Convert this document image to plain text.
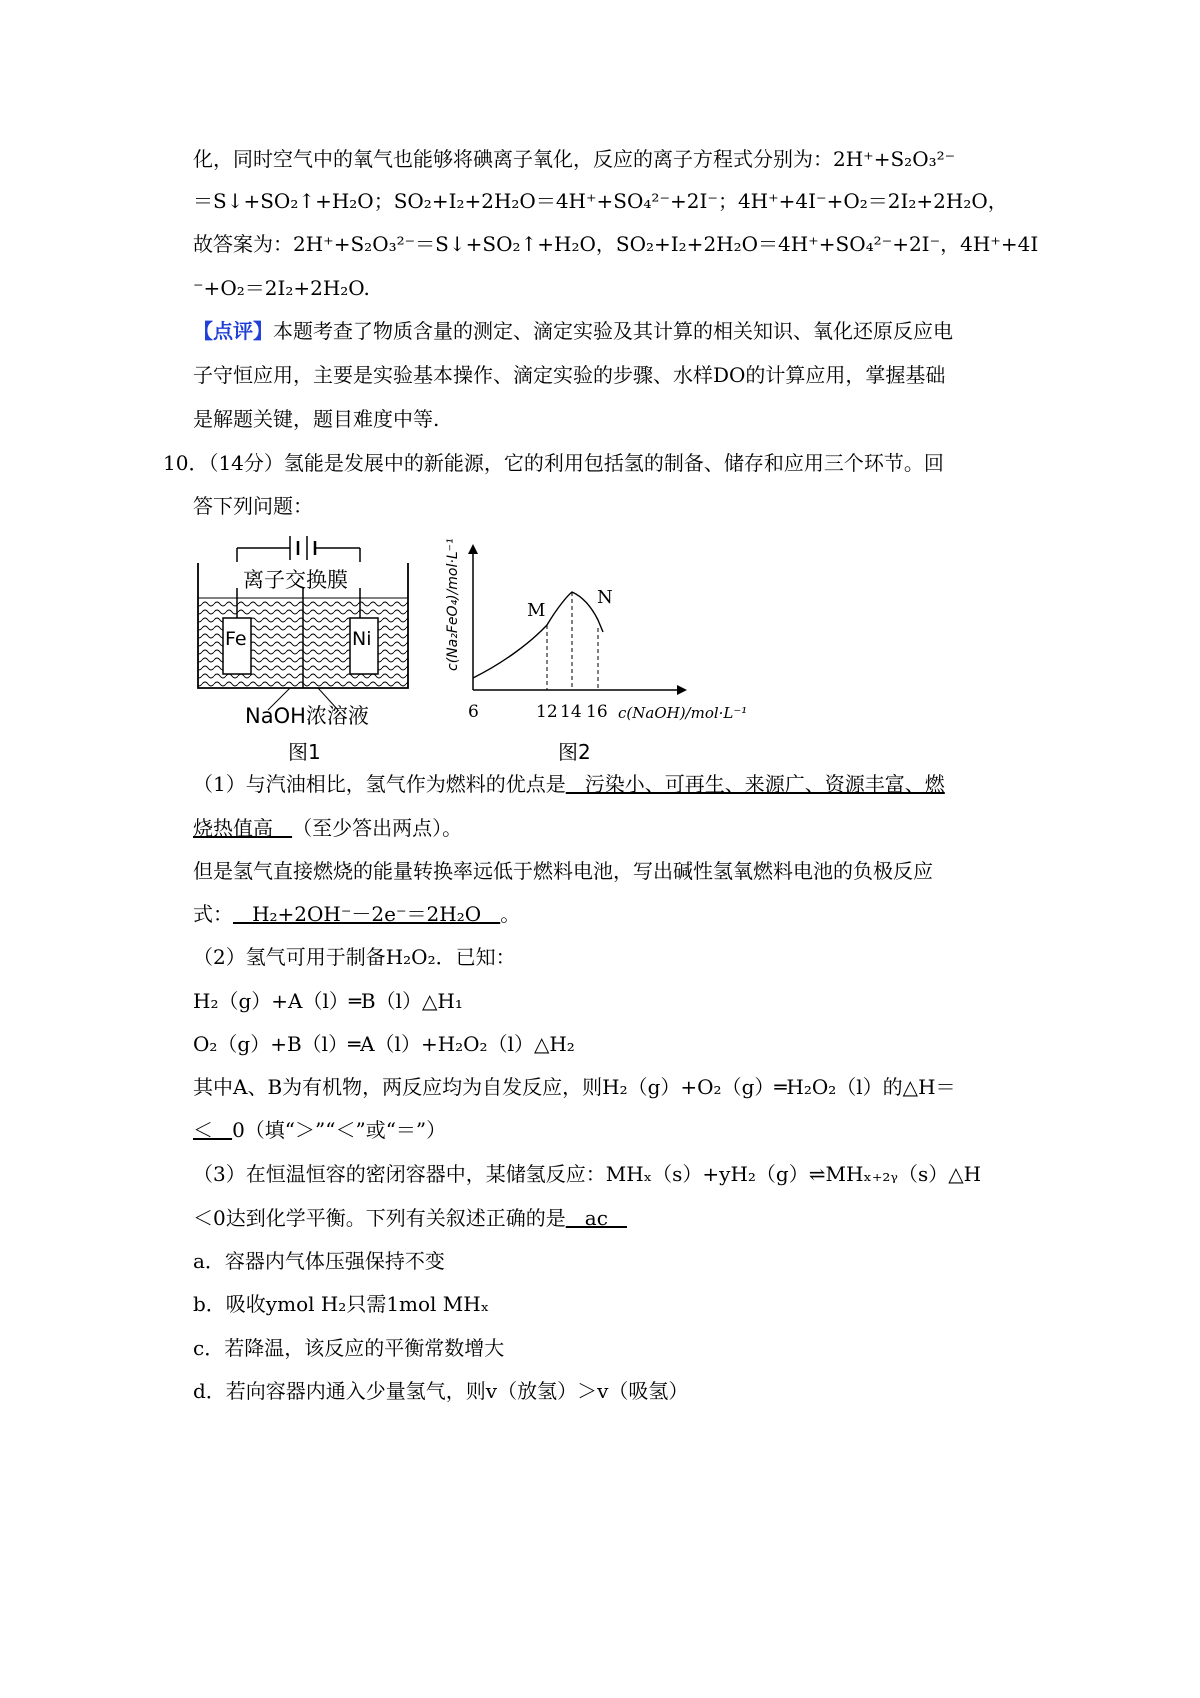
化，同时空气中的氧气也能够将碘离子氧化，反应的离子方程式分别为：2H⁺+S₂O₃²⁻
＝S↓+SO₂↑+H₂O；SO₂+I₂+2H₂O＝4H⁺+SO₄²⁻+2I⁻；4H⁺+4I⁻+O₂＝2I₂+2H₂O，
故答案为：2H⁺+S₂O₃²⁻＝S↓+SO₂↑+H₂O，SO₂+I₂+2H₂O＝4H⁺+SO₄²⁻+2I⁻，4H⁺+4I
⁻+O₂＝2I₂+2H₂O.
【点评】本题考查了物质含量的测定、滴定实验及其计算的相关知识、氧化还原反应电
子守恒应用，主要是实验基本操作、滴定实验的步骤、水样DO的计算应用，掌握基础
是解题关键，题目难度中等.
10．（14分）氢能是发展中的新能源，它的利用包括氢的制备、储存和应用三个环节。回
答下列问题：
离子交换膜
Fe	Ni
NaOH浓溶液
图1
c(Na₂FeO₄)/mol·L⁻¹	M
N
6	12 14 16 c(NaOH)/mol·L⁻¹
图2
（1）与汽油相比，氢气作为燃料的优点是   污染小、可再生、来源广、资源丰富、燃
烧热值高   （至少答出两点）。
但是氢气直接燃烧的能量转换率远低于燃料电池，写出碱性氢氧燃料电池的负极反应
式：   H₂+2OH⁻－2e⁻＝2H₂O   。
（2）氢气可用于制备H₂O₂．已知：
H₂（g）+A（l）═B（l）△H₁
O₂（g）+B（l）═A（l）+H₂O₂（l）△H₂
其中A、B为有机物，两反应均为自发反应，则H₂（g）+O₂（g）═H₂O₂（l）的△H＝
＜   0（填“＞”“＜”或“＝”）
（3）在恒温恒容的密闭容器中，某储氢反应：MHₓ（s）+yH₂（g）⇌MHₓ₊₂ᵧ（s）△H
＜0达到化学平衡。下列有关叙述正确的是   ac
a．容器内气体压强保持不变
b．吸收ymol H₂只需1mol MHₓ
c．若降温，该反应的平衡常数增大
d．若向容器内通入少量氢气，则v（放氢）＞v（吸氢）
